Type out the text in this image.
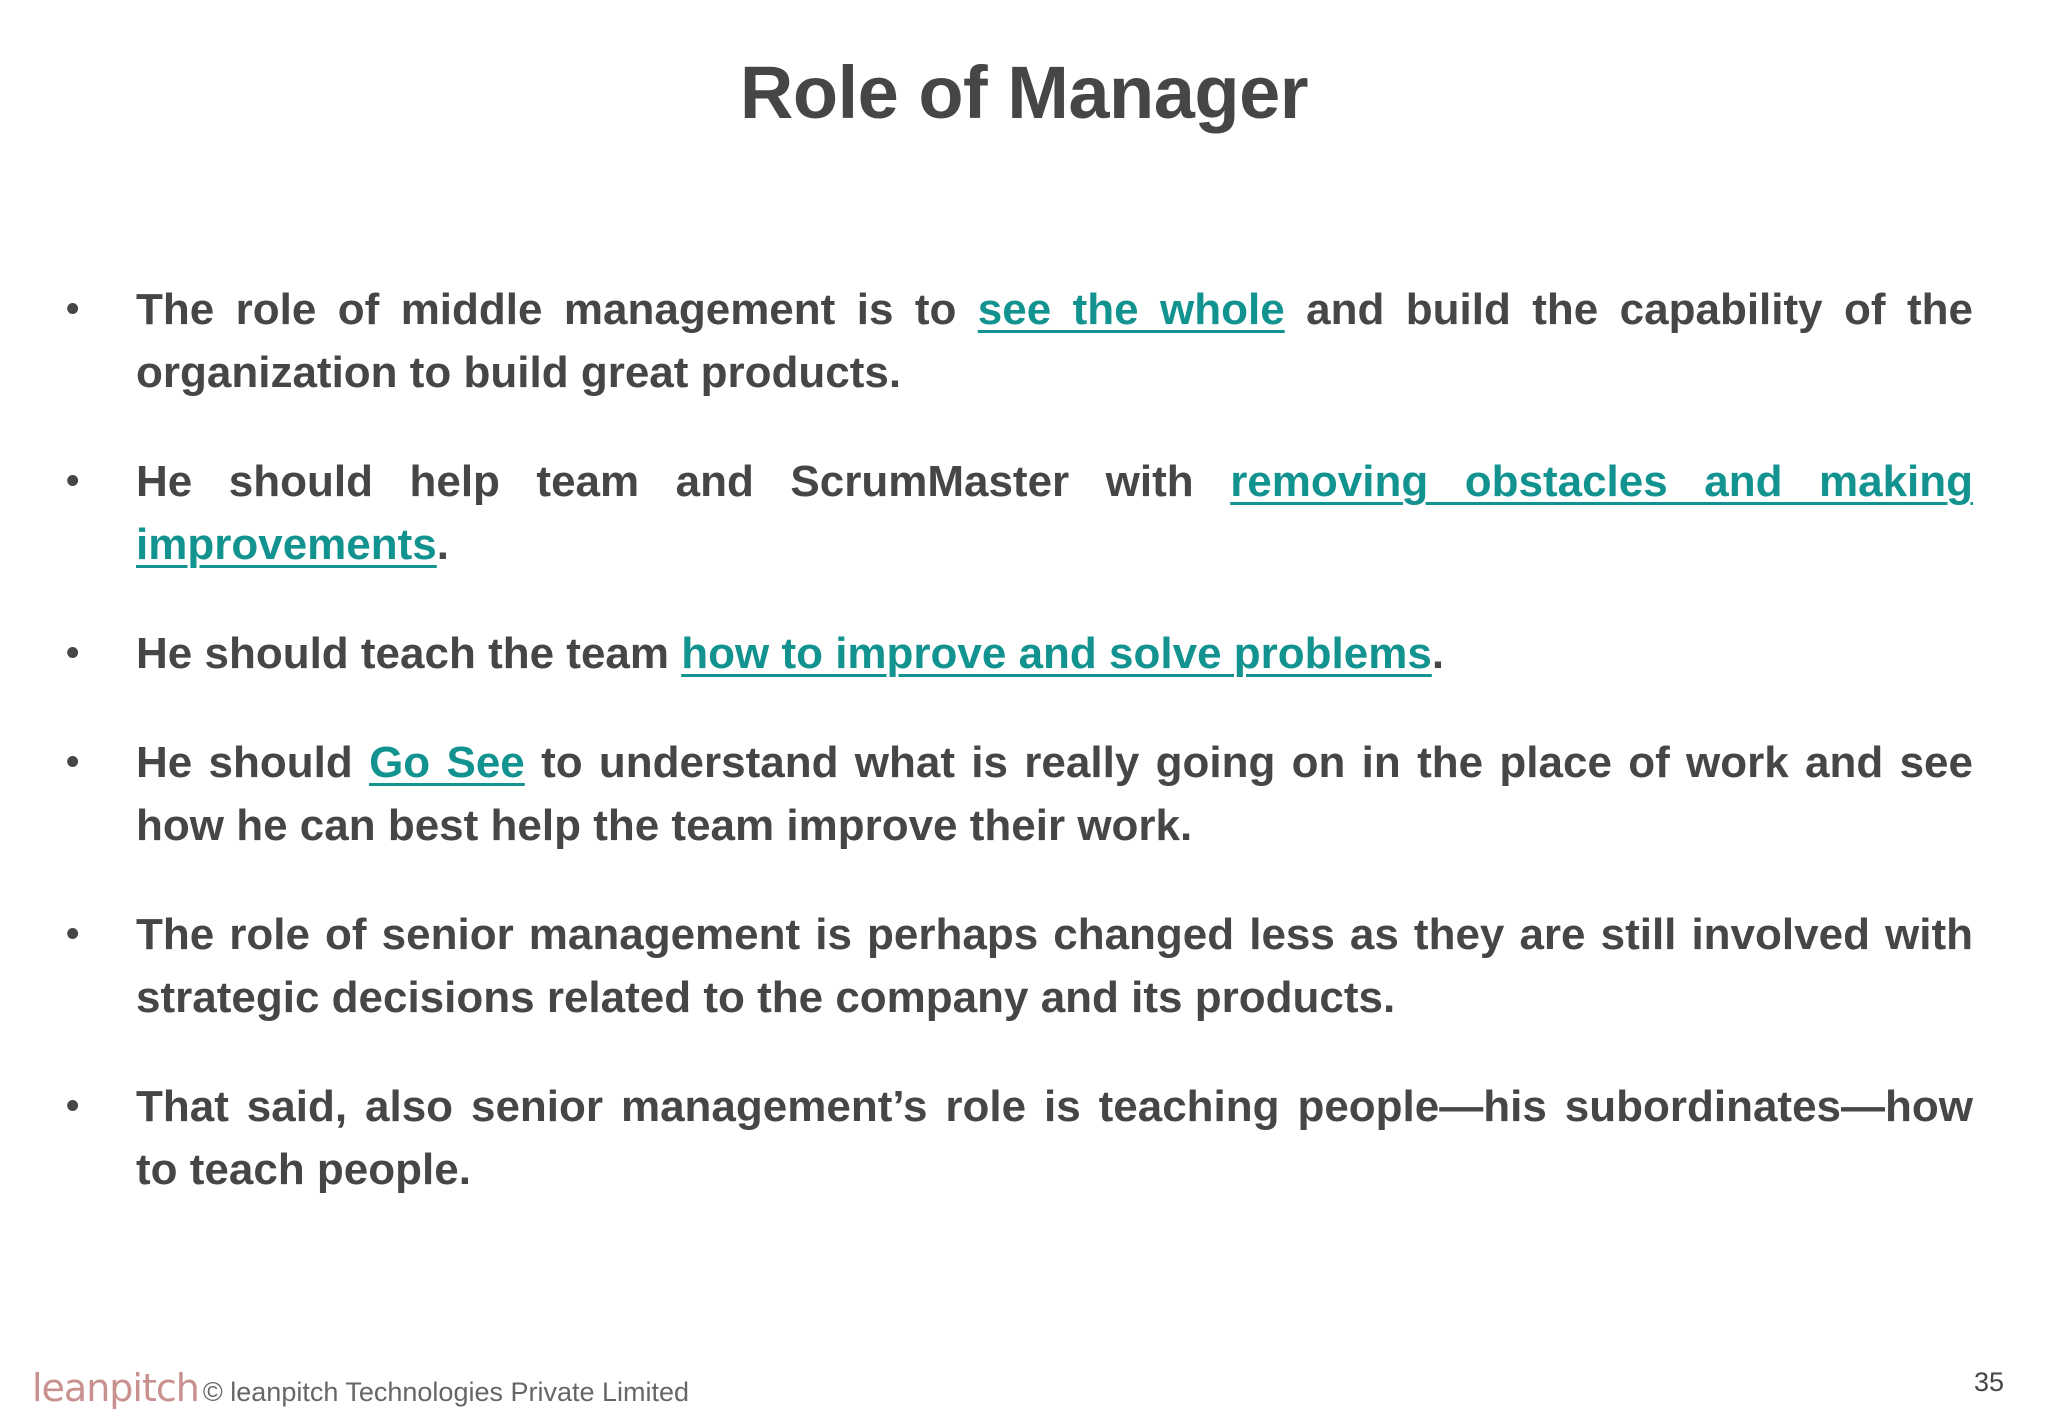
Role of Manager
• The role of middle management is to see the whole and build the capability of the organization to build great products.
• He should help team and ScrumMaster with removing obstacles and making improvements.
• He should teach the team how to improve and solve problems.
• He should Go See to understand what is really going on in the place of work and see how he can best help the team improve their work.
• The role of senior management is perhaps changed less as they are still involved with strategic decisions related to the company and its products.
• That said, also senior management’s role is teaching people—his subordinates—how to teach people.
leanpitch © leanpitch Technologies Private Limited	35
